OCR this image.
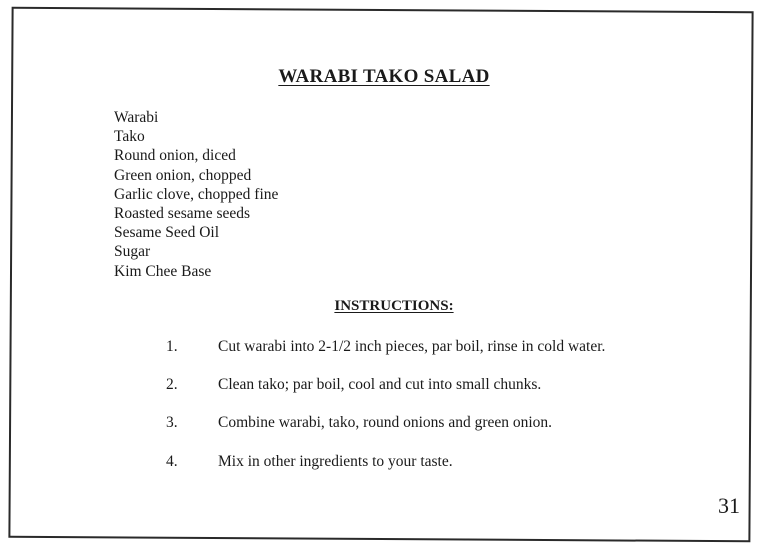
WARABI TAKO SALAD
Warabi
Tako
Round onion, diced
Green onion, chopped
Garlic clove, chopped fine
Roasted sesame seeds
Sesame Seed Oil
Sugar
Kim Chee Base
INSTRUCTIONS:
1.	Cut warabi into 2-1/2 inch pieces, par boil, rinse in cold water.
2.	Clean tako; par boil, cool and cut into small chunks.
3.	Combine warabi, tako, round onions and green onion.
4.	Mix in other ingredients to your taste.
31
